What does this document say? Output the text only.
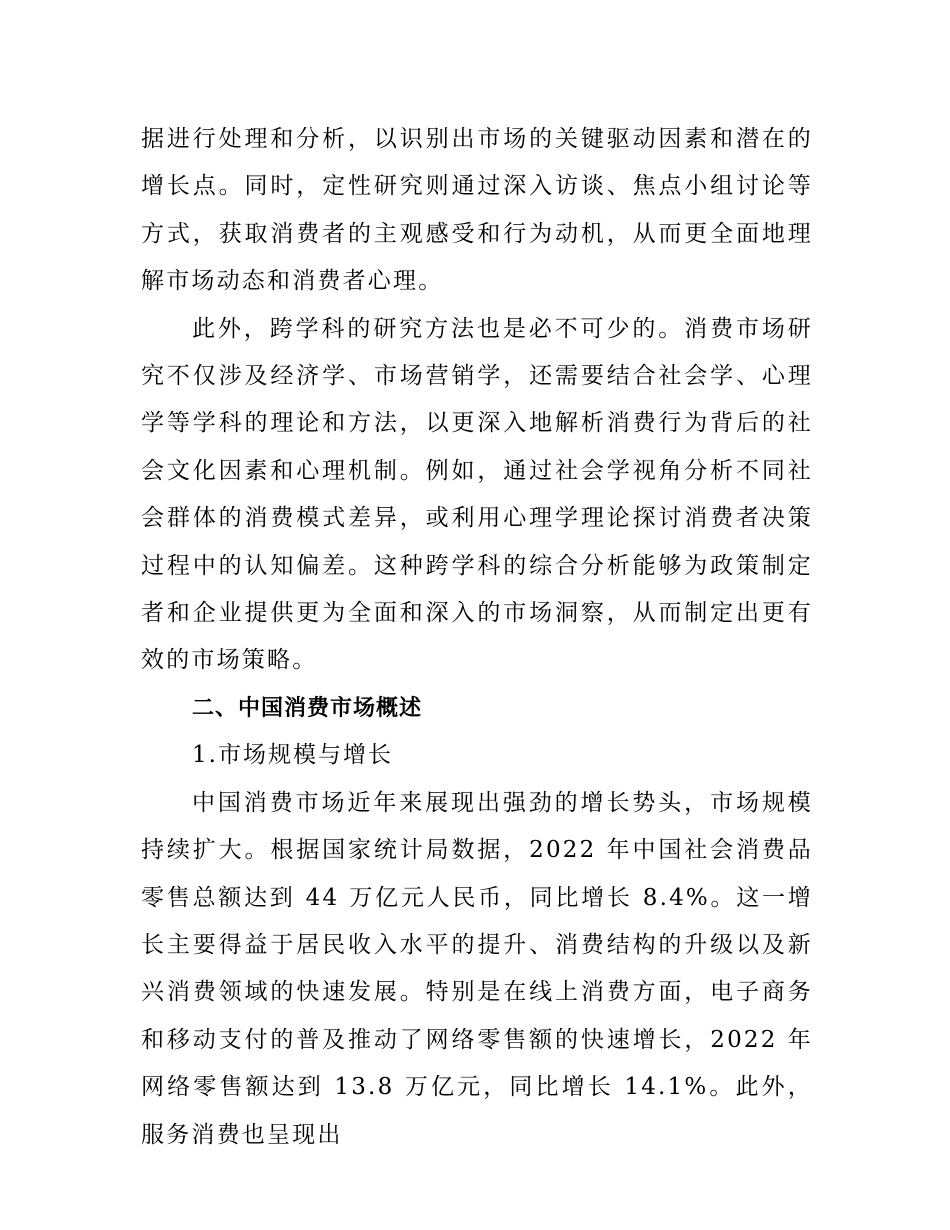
据进行处理和分析，以识别出市场的关键驱动因素和潜在的增长点。同时，定性研究则通过深入访谈、焦点小组讨论等方式，获取消费者的主观感受和行为动机，从而更全面地理解市场动态和消费者心理。

此外，跨学科的研究方法也是必不可少的。消费市场研究不仅涉及经济学、市场营销学，还需要结合社会学、心理学等学科的理论和方法，以更深入地解析消费行为背后的社会文化因素和心理机制。例如，通过社会学视角分析不同社会群体的消费模式差异，或利用心理学理论探讨消费者决策过程中的认知偏差。这种跨学科的综合分析能够为政策制定者和企业提供更为全面和深入的市场洞察，从而制定出更有效的市场策略。

二、中国消费市场概述

1.市场规模与增长

中国消费市场近年来展现出强劲的增长势头，市场规模持续扩大。根据国家统计局数据，2022 年中国社会消费品零售总额达到 44 万亿元人民币，同比增长 8.4%。这一增长主要得益于居民收入水平的提升、消费结构的升级以及新兴消费领域的快速发展。特别是在线上消费方面，电子商务和移动支付的普及推动了网络零售额的快速增长，2022 年网络零售额达到 13.8 万亿元，同比增长 14.1%。此外，服务消费也呈现出
